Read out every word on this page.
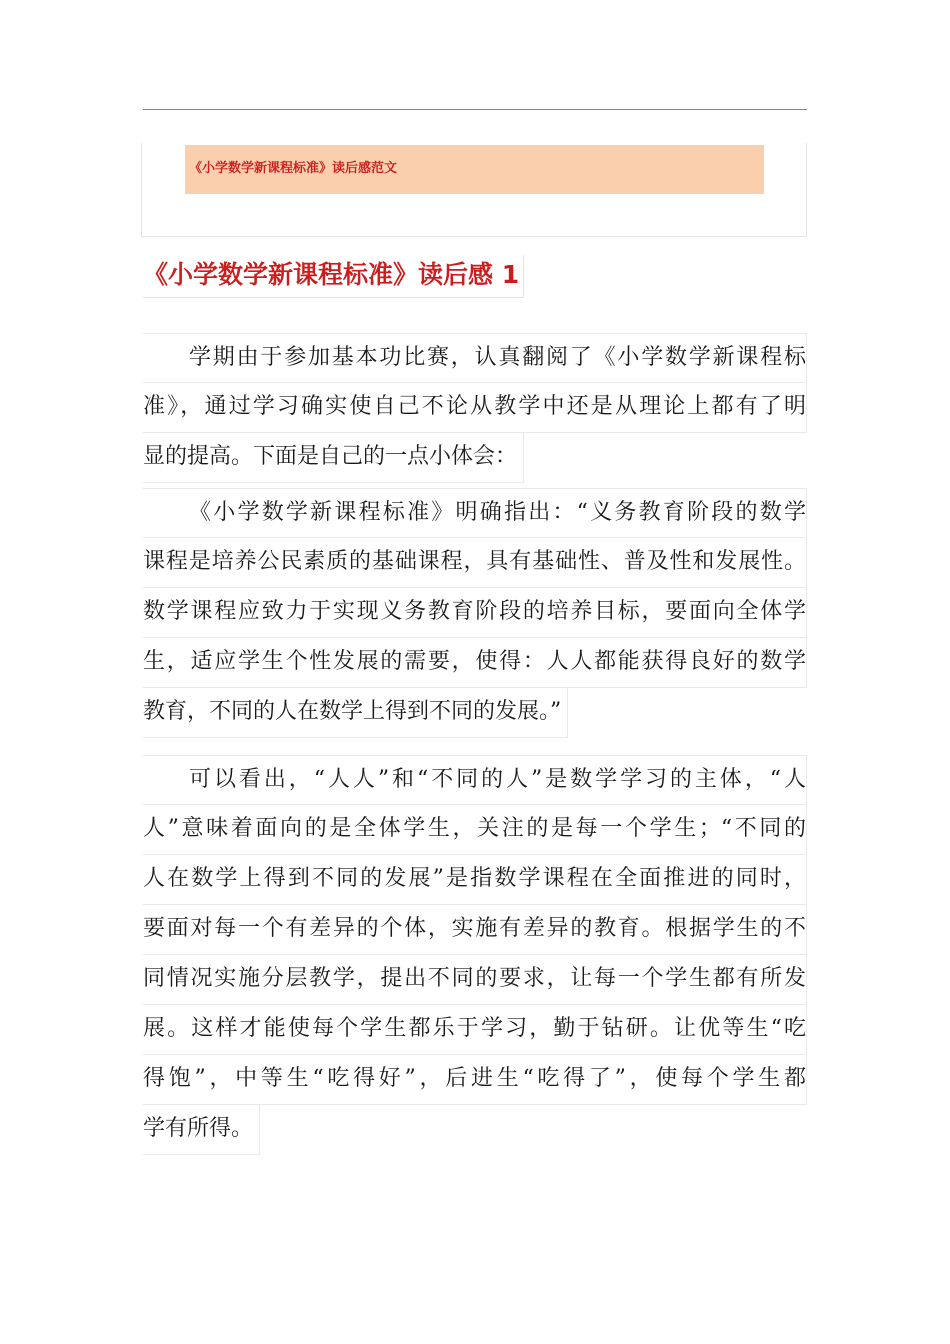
《小学数学新课程标准》读后感范文
《小学数学新课程标准》读后感 1
学期由于参加基本功比赛，认真翻阅了《小学数学新课程标
准》，通过学习确实使自己不论从教学中还是从理论上都有了明
显的提高。下面是自己的一点小体会：
《小学数学新课程标准》明确指出：“义务教育阶段的数学
课程是培养公民素质的基础课程，具有基础性、普及性和发展性。
数学课程应致力于实现义务教育阶段的培养目标，要面向全体学
生，适应学生个性发展的需要，使得：人人都能获得良好的数学
教育，不同的人在数学上得到不同的发展。”
可以看出，“人人”和“不同的人”是数学学习的主体，“人
人”意味着面向的是全体学生，关注的是每一个学生；“不同的
人在数学上得到不同的发展”是指数学课程在全面推进的同时，
要面对每一个有差异的个体，实施有差异的教育。根据学生的不
同情况实施分层教学，提出不同的要求，让每一个学生都有所发
展。这样才能使每个学生都乐于学习，勤于钻研。让优等生“吃
得饱”，中等生“吃得好”，后进生“吃得了”，使每个学生都
学有所得。
